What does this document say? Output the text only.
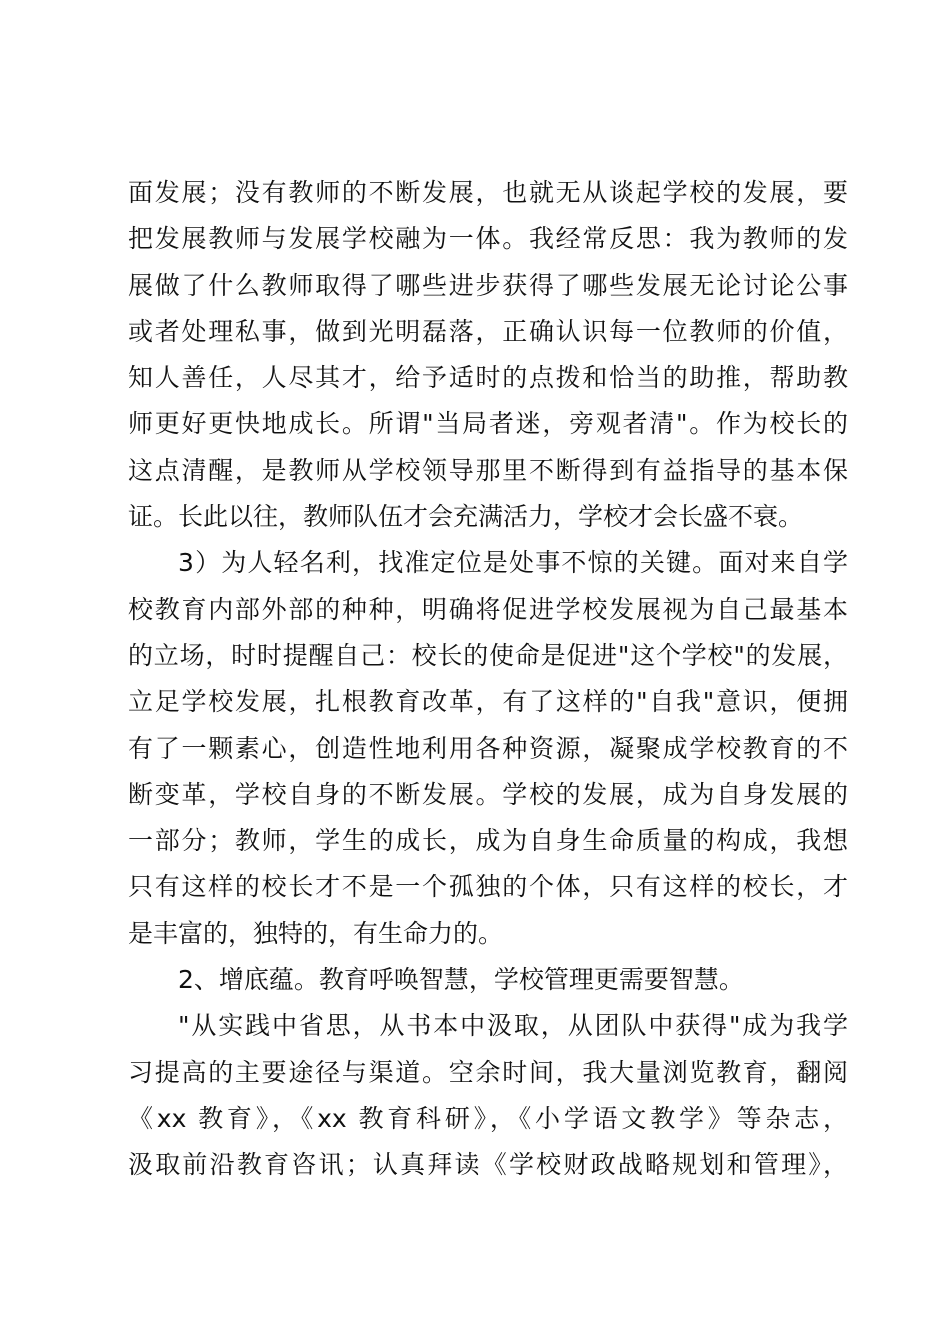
面发展；没有教师的不断发展，也就无从谈起学校的发展，要
把发展教师与发展学校融为一体。我经常反思：我为教师的发
展做了什么教师取得了哪些进步获得了哪些发展无论讨论公事
或者处理私事，做到光明磊落，正确认识每一位教师的价值，
知人善任，人尽其才，给予适时的点拨和恰当的助推，帮助教
师更好更快地成长。所谓"当局者迷，旁观者清"。作为校长的
这点清醒，是教师从学校领导那里不断得到有益指导的基本保
证。长此以往，教师队伍才会充满活力，学校才会长盛不衰。
3）为人轻名利，找准定位是处事不惊的关键。面对来自学
校教育内部外部的种种，明确将促进学校发展视为自己最基本
的立场，时时提醒自己：校长的使命是促进"这个学校"的发展，
立足学校发展，扎根教育改革，有了这样的"自我"意识，便拥
有了一颗素心，创造性地利用各种资源，凝聚成学校教育的不
断变革，学校自身的不断发展。学校的发展，成为自身发展的
一部分；教师，学生的成长，成为自身生命质量的构成，我想
只有这样的校长才不是一个孤独的个体，只有这样的校长，才
是丰富的，独特的，有生命力的。
2、增底蕴。教育呼唤智慧，学校管理更需要智慧。
"从实践中省思，从书本中汲取，从团队中获得"成为我学
习提高的主要途径与渠道。空余时间，我大量浏览教育，翻阅
《xx 教育》，《xx 教育科研》，《小学语文教学》等杂志，
汲取前沿教育咨讯；认真拜读《学校财政战略规划和管理》，
